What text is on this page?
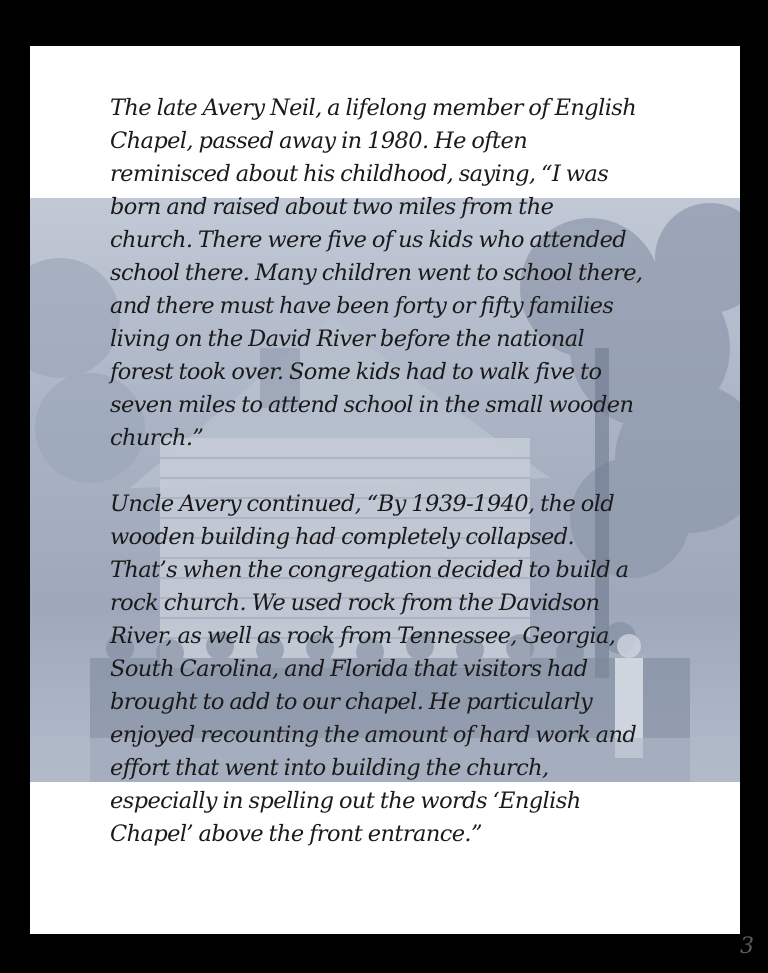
The late Avery Neil, a lifelong member of English
Chapel, passed away in 1980. He often
reminisced about his childhood, saying, “I was
born and raised about two miles from the
church. There were five of us kids who attended
school there. Many children went to school there,
and there must have been forty or fifty families
living on the David River before the national
forest took over. Some kids had to walk five to
seven miles to attend school in the small wooden
church.”

Uncle Avery continued, “By 1939-1940, the old
wooden building had completely collapsed.
That’s when the congregation decided to build a
rock church. We used rock from the Davidson
River, as well as rock from Tennessee, Georgia,
South Carolina, and Florida that visitors had
brought to add to our chapel. He particularly
enjoyed recounting the amount of hard work and
effort that went into building the church,
especially in spelling out the words ‘English
Chapel’ above the front entrance.”

3
